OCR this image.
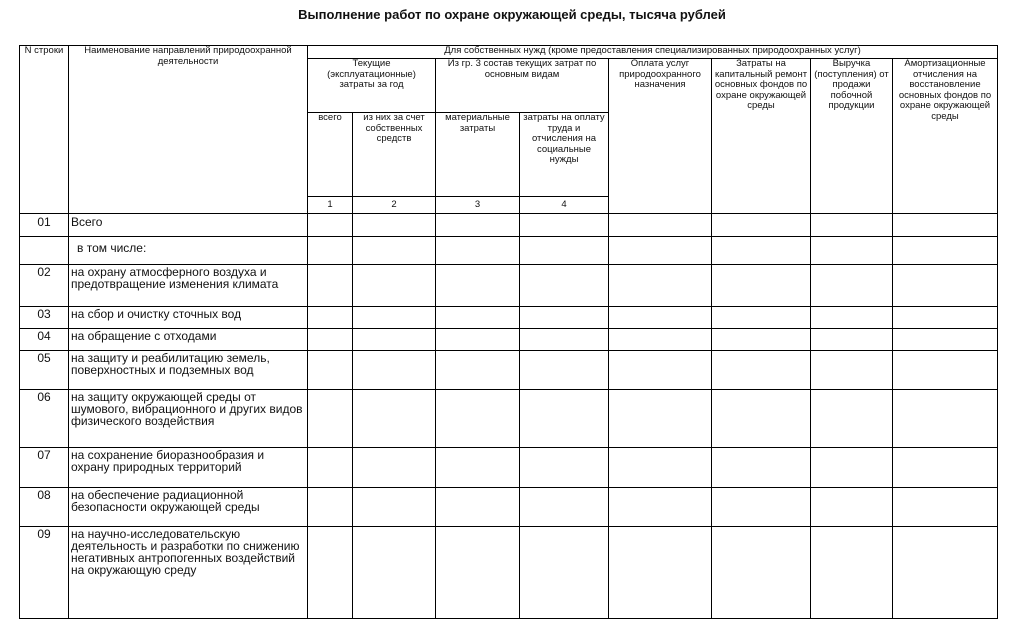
Выполнение работ по охране окружающей среды, тысяча рублей
N строки	Наименование направлений природоохранной деятельности	Для собственных нужд (кроме предоставления специализированных природоохранных услуг)								
		Текущие (эксплуатационные) затраты за год		Из гр. 3 состав текущих затрат по основным видам		Оплата услуг природоохранного назначения	Затраты на капитальный ремонт основных фондов по охране окружающей среды	Выручка (поступления) от продажи побочной продукции	Амортизационные отчисления на восстановление основных фондов по охране окружающей среды	
		всего	из них за счет собственных средств	материальные затраты	затраты на оплату труда и отчисления на социальные нужды					
		1	2	3	4						
01	Всего									
	в том числе:									
02	на охрану атмосферного воздуха и предотвращение изменения климата									
03	на сбор и очистку сточных вод									
04	на обращение с отходами									
05	на защиту и реабилитацию земель, поверхностных и подземных вод									
06	на защиту окружающей среды от шумового, вибрационного и других видов физического воздействия									
07	на сохранение биоразнообразия и охрану природных территорий									
08	на обеспечение радиационной безопасности окружающей среды									
09	на научно-исследовательскую деятельность и разработки по снижению негативных антропогенных воздействий на окружающую среду									
